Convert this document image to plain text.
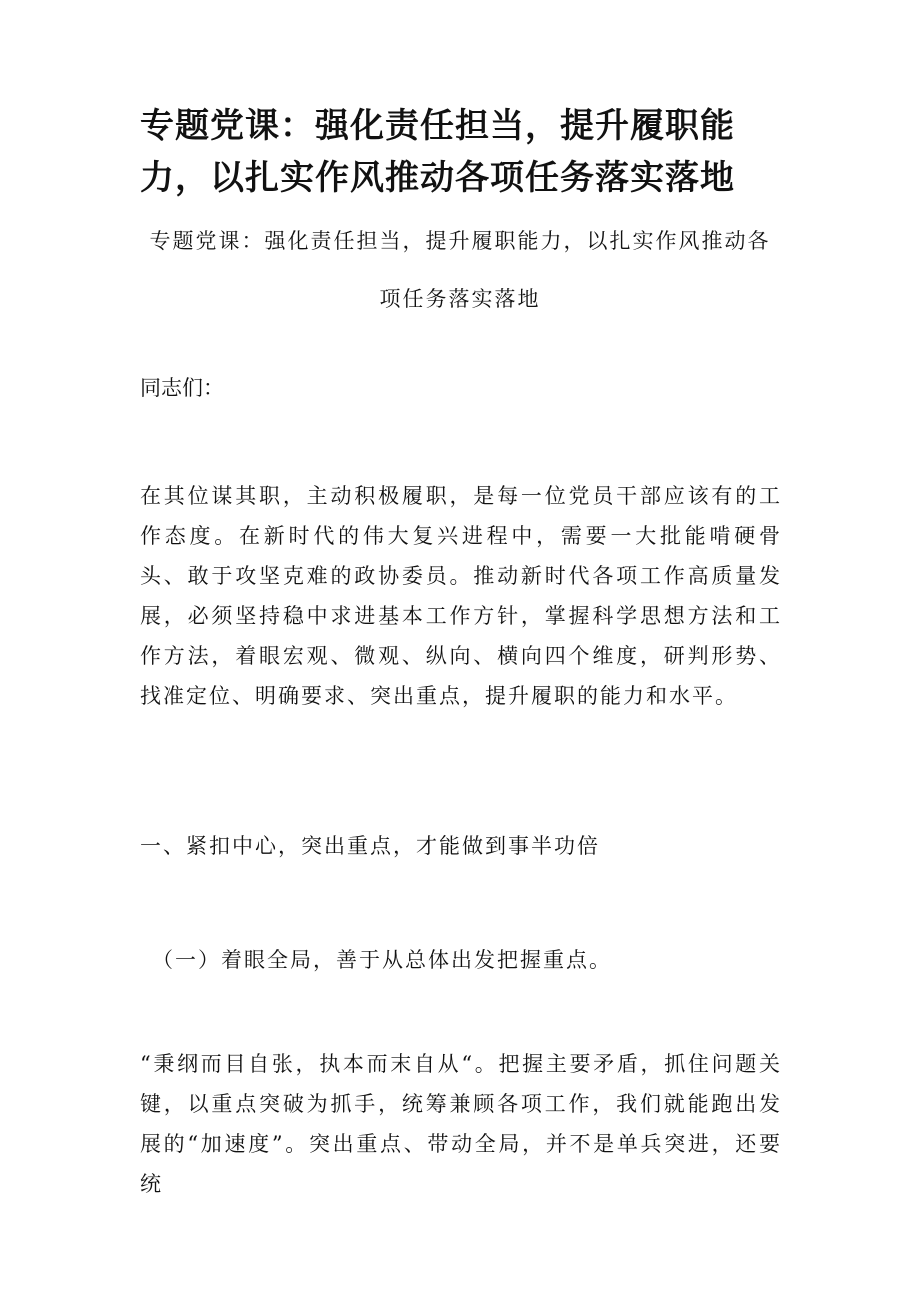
专题党课：强化责任担当，提升履职能力，以扎实作风推动各项任务落实落地

专题党课：强化责任担当，提升履职能力，以扎实作风推动各项任务落实落地

同志们：

在其位谋其职，主动积极履职，是每一位党员干部应该有的工作态度。在新时代的伟大复兴进程中，需要一大批能啃硬骨头、敢于攻坚克难的政协委员。推动新时代各项工作高质量发展，必须坚持稳中求进基本工作方针，掌握科学思想方法和工作方法，着眼宏观、微观、纵向、横向四个维度，研判形势、找准定位、明确要求、突出重点，提升履职的能力和水平。

一、紧扣中心，突出重点，才能做到事半功倍

（一）着眼全局，善于从总体出发把握重点。

“秉纲而目自张，执本而末自从“。把握主要矛盾，抓住问题关键，以重点突破为抓手，统筹兼顾各项工作，我们就能跑出发展的“加速度”。突出重点、带动全局，并不是单兵突进，还要统
